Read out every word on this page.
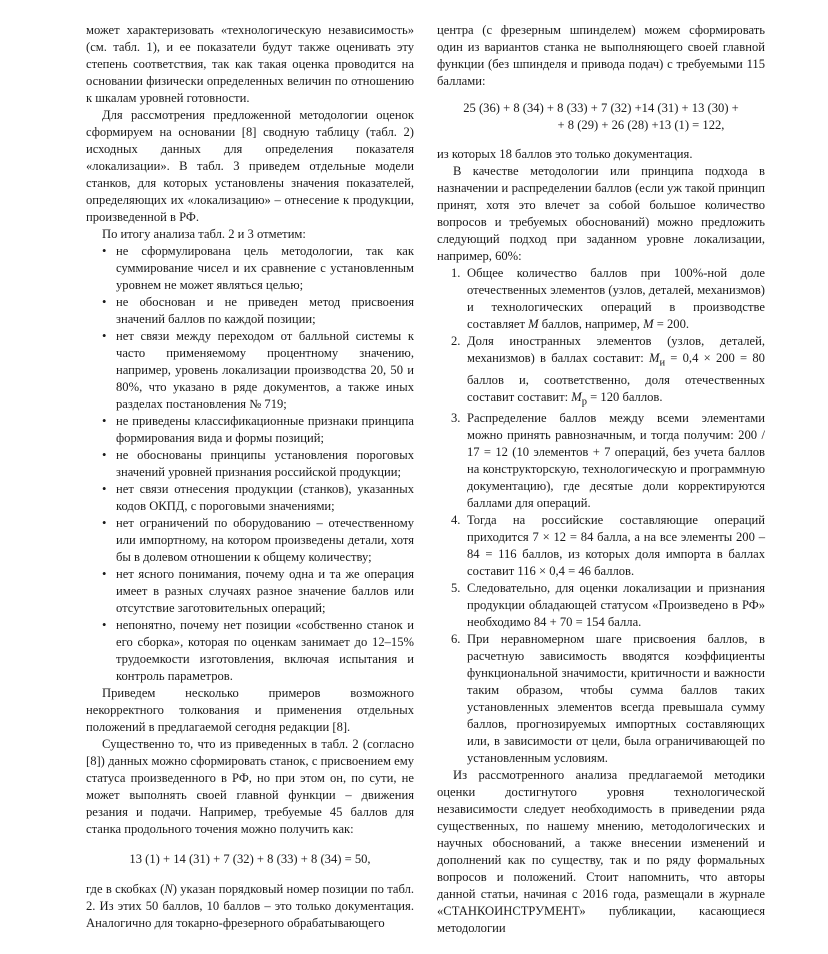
может характеризовать «технологическую независимость» (см. табл. 1), и ее показатели будут также оценивать эту степень соответствия, так как такая оценка проводится на основании физически определенных величин по отношению к шкалам уровней готовности.

Для рассмотрения предложенной методологии оценок сформируем на основании [8] сводную таблицу (табл. 2) исходных данных для определения показателя «локализации». В табл. 3 приведем отдельные модели станков, для которых установлены значения показателей, определяющих их «локализацию» – отнесение к продукции, произведенной в РФ.

По итогу анализа табл. 2 и 3 отметим:

• не сформулирована цель методологии, так как суммирование чисел и их сравнение с установленным уровнем не может являться целью;
• не обоснован и не приведен метод присвоения значений баллов по каждой позиции;
• нет связи между переходом от балльной системы к часто применяемому процентному значению, например, уровень локализации производства 20, 50 и 80%, что указано в ряде документов, а также иных разделах постановления № 719;
• не приведены классификационные признаки принципа формирования вида и формы позиций;
• не обоснованы принципы установления пороговых значений уровней признания российской продукции;
• нет связи отнесения продукции (станков), указанных кодов ОКПД, с пороговыми значениями;
• нет ограничений по оборудованию – отечественному или импортному, на котором произведены детали, хотя бы в долевом отношении к общему количеству;
• нет ясного понимания, почему одна и та же операция имеет в разных случаях разное значение баллов или отсутствие заготовительных операций;
• непонятно, почему нет позиции «собственно станок и его сборка», которая по оценкам занимает до 12–15% трудоемкости изготовления, включая испытания и контроль параметров.

Приведем несколько примеров возможного некорректного толкования и применения отдельных положений в предлагаемой сегодня редакции [8].

Существенно то, что из приведенных в табл. 2 (согласно [8]) данных можно сформировать станок, с присвоением ему статуса произведенного в РФ, но при этом он, по сути, не может выполнять своей главной функции – движения резания и подачи. Например, требуемые 45 баллов для станка продольного точения можно получить как:

13 (1) + 14 (31) + 7 (32) + 8 (33) + 8 (34) = 50,

где в скобках (N) указан порядковый номер позиции по табл. 2. Из этих 50 баллов, 10 баллов – это только документация. Аналогично для токарно-фрезерного обрабатывающего

центра (с фрезерным шпинделем) можем сформировать один из вариантов станка не выполняющего своей главной функции (без шпинделя и привода подач) с требуемыми 115 баллами:

25 (36) + 8 (34) + 8 (33) + 7 (32) +14 (31) + 13 (30) +
+ 8 (29) + 26 (28) +13 (1) = 122,

из которых 18 баллов это только документация.

В качестве методологии или принципа подхода в назначении и распределении баллов (если уж такой принцип принят, хотя это влечет за собой большое количество вопросов и требуемых обоснований) можно предложить следующий подход при заданном уровне локализации, например, 60%:

1. Общее количество баллов при 100%-ной доле отечественных элементов (узлов, деталей, механизмов) и технологических операций в производстве составляет M баллов, например, M = 200.
2. Доля иностранных элементов (узлов, деталей, механизмов) в баллах составит: $M_и = 0,4 \times 200 = 80$ баллов и, соответственно, доля отечественных составит составит: $M_р = 120$ баллов.
3. Распределение баллов между всеми элементами можно принять равнозначным, и тогда получим: 200 / 17 = 12 (10 элементов + 7 операций, без учета баллов на конструкторскую, технологическую и программную документацию), где десятые доли корректируются баллами для операций.
4. Тогда на российские составляющие операций приходится 7 × 12 = 84 балла, а на все элементы 200 – 84 = 116 баллов, из которых доля импорта в баллах составит 116 × 0,4 = 46 баллов.
5. Следовательно, для оценки локализации и признания продукции обладающей статусом «Произведено в РФ» необходимо 84 + 70 = 154 балла.
6. При неравномерном шаге присвоения баллов, в расчетную зависимость вводятся коэффициенты функциональной значимости, критичности и важности таким образом, чтобы сумма баллов таких установленных элементов всегда превышала сумму баллов, прогнозируемых импортных составляющих или, в зависимости от цели, была ограничивающей по установленным условиям.

Из рассмотренного анализа предлагаемой методики оценки достигнутого уровня технологической независимости следует необходимость в приведении ряда существенных, по нашему мнению, методологических и научных обоснований, а также внесении изменений и дополнений как по существу, так и по ряду формальных вопросов и положений. Стоит напомнить, что авторы данной статьи, начиная с 2016 года, размещали в журнале «СТАНКОИНСТРУМЕНТ» публикации, касающиеся методологии
